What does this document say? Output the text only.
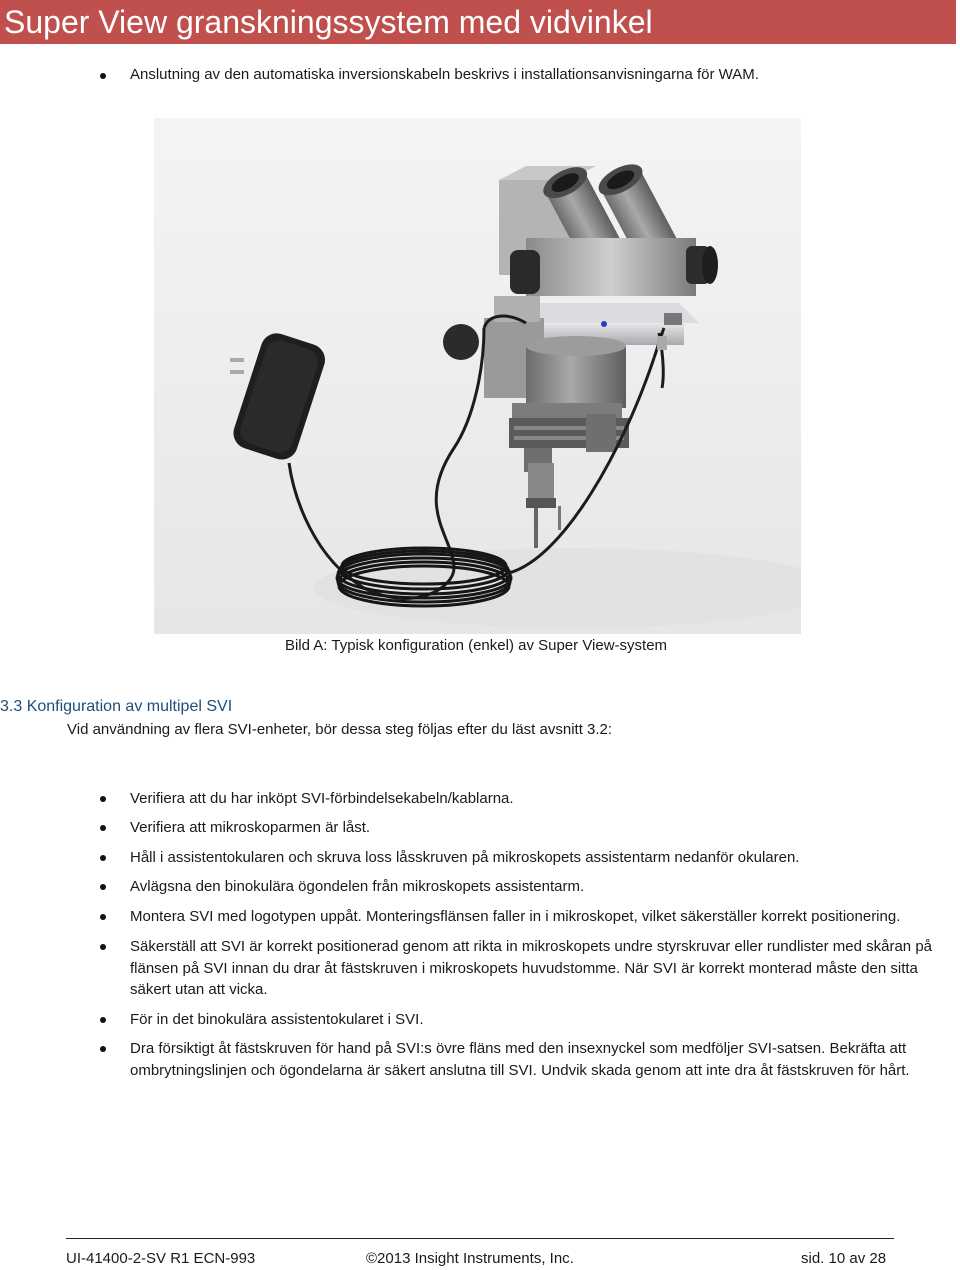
Super View granskningssystem med vidvinkel
Anslutning av den automatiska inversionskabeln beskrivs i installationsanvisningarna för WAM.
Bild A: Typisk konfiguration (enkel) av Super View-system
3.3 Konfiguration av multipel SVI
Vid användning av flera SVI-enheter, bör dessa steg följas efter du läst avsnitt 3.2:
Verifiera att du har inköpt SVI-förbindelsekabeln/kablarna.
Verifiera att mikroskoparmen är låst.
Håll i assistentokularen och skruva loss låsskruven på mikroskopets assistentarm nedanför okularen.
Avlägsna den binokulära ögondelen från mikroskopets assistentarm.
Montera SVI med logotypen uppåt. Monteringsflänsen faller in i mikroskopet, vilket säkerställer korrekt positionering.
Säkerställ att SVI är korrekt positionerad genom att rikta in mikroskopets undre styrskruvar eller rundlister med skåran på flänsen på SVI innan du drar åt fästskruven i mikroskopets huvudstomme. När SVI är korrekt monterad måste den sitta säkert utan att vicka.
För in det binokulära assistentokularet i SVI.
Dra försiktigt åt fästskruven för hand på SVI:s övre fläns med den insexnyckel som medföljer SVI-satsen. Bekräfta att ombrytningslinjen och ögondelarna är säkert anslutna till SVI. Undvik skada genom att inte dra åt fästskruven för hårt.
UI-41400-2-SV R1 ECN-993	©2013 Insight Instruments, Inc.	sid. 10 av 28
